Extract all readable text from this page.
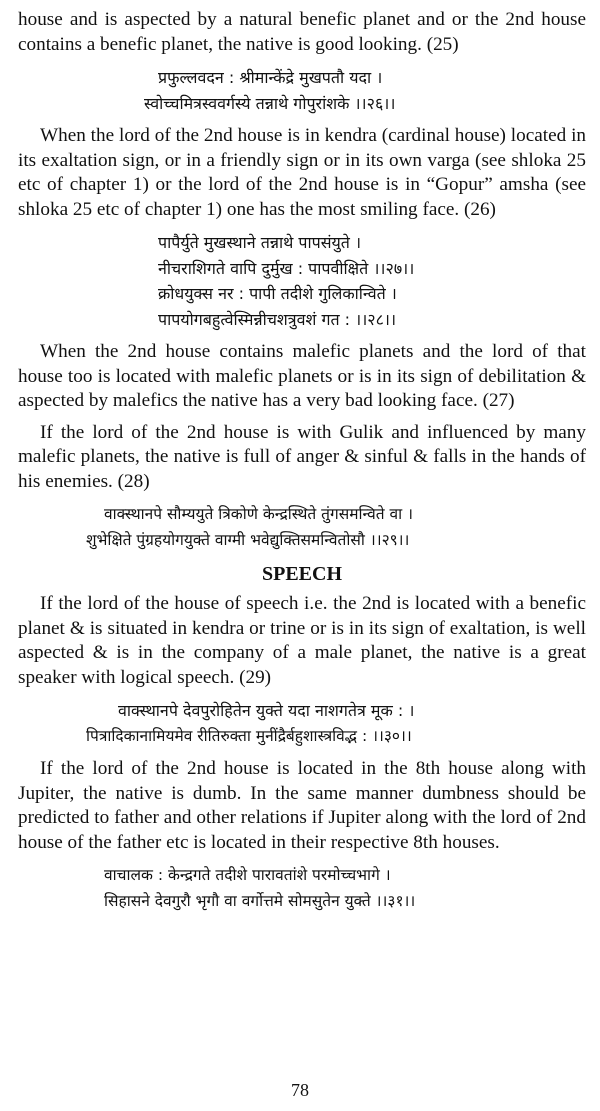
house and is aspected by a natural benefic planet and or the 2nd house contains a benefic planet, the native is good looking. (25)

प्रफुल्लवदन : श्रीमान्केंद्रे मुखपतौ यदा ।
स्वोच्चमित्रस्ववर्गस्ये तन्नाथे गोपुरांशके ।।२६।।

When the lord of the 2nd house is in kendra (cardinal house) located in its exaltation sign, or in a friendly sign or in its own varga (see shloka 25 etc of chapter 1) or the lord of the 2nd house is in “Gopur” amsha (see shloka 25 etc of chapter 1) one has the most smiling face. (26)

पापैर्युते मुखस्थाने तन्नाथे पापसंयुते ।
नीचराशिगते वापि दुर्मुख : पापवीक्षिते ।।२७।।
क्रोधयुक्स नर : पापी तदीशे गुलिकान्विते ।
पापयोगबहुत्वेस्मिन्नीचशत्रुवशं गत : ।।२८।।

When the 2nd house contains malefic planets and the lord of that house too is located with malefic planets or is in its sign of debilitation & aspected by malefics the native has a very bad looking face. (27)

If the lord of the 2nd house is with Gulik and influenced by many malefic planets, the native is full of anger & sinful & falls in the hands of his enemies. (28)

वाक्स्थानपे सौम्ययुते त्रिकोणे केन्द्रस्थिते तुंगसमन्विते वा ।
शुभेक्षिते पुंग्रहयोगयुक्ते वाग्मी भवेद्युक्तिसमन्वितोसौ ।।२९।।
SPEECH

If the lord of the house of speech i.e. the 2nd is located with a benefic planet & is situated in kendra or trine or is in its sign of exaltation, is well aspected & is in the company of a male planet, the native is a great speaker with logical speech. (29)

वाक्स्थानपे देवपुरोहितेन युक्ते यदा नाशगतेत्र मूक : ।
पित्रादिकानामियमेव रीतिरुक्ता मुनींद्रैर्बहुशास्त्रविद्भ : ।।३०।।

If the lord of the 2nd house is located in the 8th house along with Jupiter, the native is dumb. In the same manner dumbness should be predicted to father and other relations if Jupiter along with the lord of 2nd house of the father etc is located in their respective 8th houses.

वाचालक : केन्द्रगते तदीशे पारावतांशे परमोच्चभागे ।
सिहासने देवगुरौ भृगौ वा वर्गोत्तमे सोमसुतेन युक्ते ।।३१।।
78
